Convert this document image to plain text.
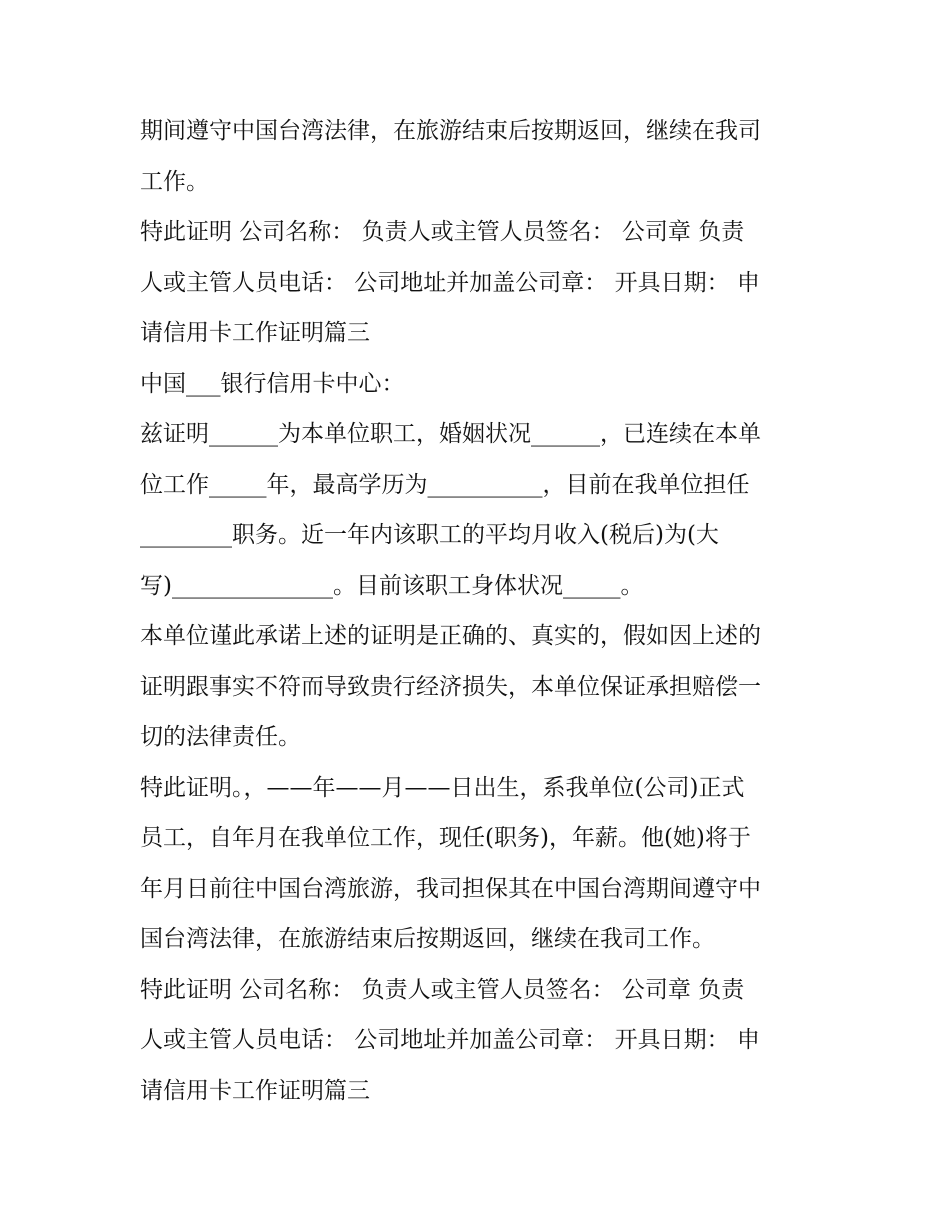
期间遵守中国台湾法律，在旅游结束后按期返回，继续在我司
工作。
特此证明 公司名称： 负责人或主管人员签名： 公司章 负责
人或主管人员电话： 公司地址并加盖公司章： 开具日期： 申
请信用卡工作证明篇三
中国___银行信用卡中心：
兹证明______为本单位职工，婚姻状况______，已连续在本单
位工作_____年，最高学历为__________，目前在我单位担任
________职务。近一年内该职工的平均月收入(税后)为(大
写)______________。目前该职工身体状况_____。
本单位谨此承诺上述的证明是正确的、真实的，假如因上述的
证明跟事实不符而导致贵行经济损失，本单位保证承担赔偿一
切的法律责任。
特此证明。，——年——月——日出生，系我单位(公司)正式
员工，自年月在我单位工作，现任(职务)，年薪。他(她)将于
年月日前往中国台湾旅游，我司担保其在中国台湾期间遵守中
国台湾法律，在旅游结束后按期返回，继续在我司工作。
特此证明 公司名称： 负责人或主管人员签名： 公司章 负责
人或主管人员电话： 公司地址并加盖公司章： 开具日期： 申
请信用卡工作证明篇三
